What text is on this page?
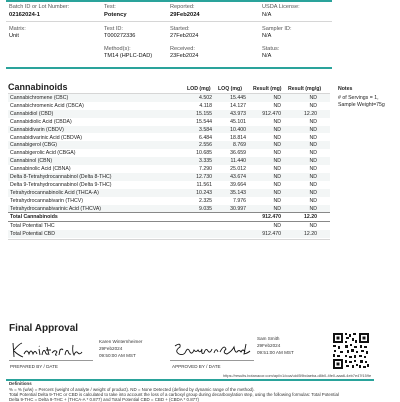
Batch ID or Lot Number:
02162024-1
Test:
Potency
Reported:
29Feb2024
USDA License:
N/A
Matrix:
Unit
Test ID:
T000272336
Started:
27Feb2024
Sampler ID:
N/A
Method(s):
TM14 (HPLC-DAD)
Received:
23Feb2024
Status:
N/A
Cannabinoids	LOD (mg) LOQ (mg) Result (mg) Result (mg/g)	Notes
Cannabichromene (CBC)	4.502	15.445	ND	ND
Cannabichromenic Acid (CBCA)	4.118	14.127	ND	ND
Cannabidiol (CBD)	15.155	43.973	912.470	12.20
Cannabidiolic Acid (CBDA)	15.544	45.101	ND	ND
Cannabidivarin (CBDV)	3.584	10.400	ND	ND
Cannabidivarinic Acid (CBDVA)	6.484	18.814	ND	ND
Cannabigerol (CBG)	2.556	8.769	ND	ND
Cannabigerolic Acid (CBGA)	10.685	36.659	ND	ND
Cannabinol (CBN)	3.335	11.440	ND	ND
Cannabinolic Acid (CBNA)	7.290	25.012	ND	ND
Delta 8-Tetrahydrocannabinol (Delta 8-THC)	12.730	43.674	ND	ND
Delta 9-Tetrahydrocannabinol (Delta 9-THC)	11.561	39.664	ND	ND
Tetrahydrocannabinolic Acid (THCA-A)	10.243	35.143	ND	ND
Tetrahydrocannabivarin (THCV)	2.325	7.976	ND	ND
Tetrahydrocannabivarinic Acid (THCVA)	9.035	30.997	ND	ND
# of Servings = 1,
Sample Weight=75g
Total Cannabinoids	912.470	12.20
Total Potential THC	ND	ND
Total Potential CBD	912.470	12.20
Final Approval
PREPARED BY / DATE
Karen Winternheimer
29Feb2024
09:50:00 AM MST
APPROVED BY / DATE
Sam Smith
29Feb2024
09:51:00 AM MST
https://results.botanacor.com/api/v1/coa/uid/59bdaeba-d8b0-4fe0-aaa6-4eb7e47f159e
Definitions
% = % (w/w) = Percent (weight of analyte / weight of product). ND = None Detected (defined by dynamic range of the method).
Total Potential Delta 9-THC or CBD is calculated to take into account the loss of a carboxyl group during decarboxylation step, using the following formulas: Total Potential
Delta 9-THC = Delta 9-THC + (THCA-A * 0.877) and Total Potential CBD = CBD + (CBDA * 0.877)
